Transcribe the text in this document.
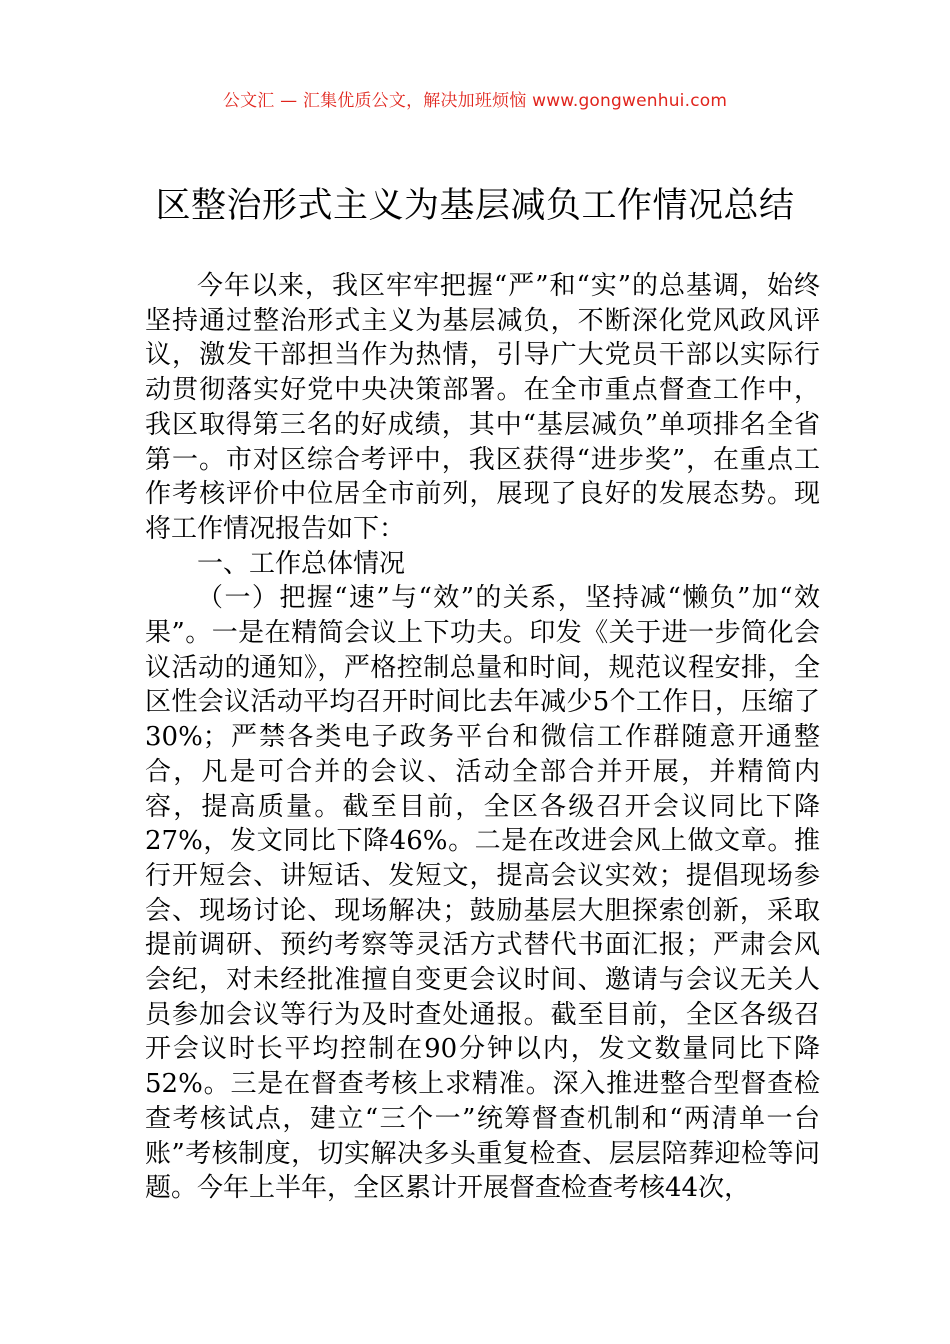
公文汇 — 汇集优质公文，解决加班烦恼 www.gongwenhui.com
区整治形式主义为基层减负工作情况总结

今年以来，我区牢牢把握“严”和“实”的总基调，始终坚持通过整治形式主义为基层减负，不断深化党风政风评议，激发干部担当作为热情，引导广大党员干部以实际行动贯彻落实好党中央决策部署。在全市重点督查工作中，我区取得第三名的好成绩，其中“基层减负”单项排名全省第一。市对区综合考评中，我区获得“进步奖”，在重点工作考核评价中位居全市前列，展现了良好的发展态势。现将工作情况报告如下：

一、工作总体情况

（一）把握“速”与“效”的关系，坚持减“懒负”加“效果”。一是在精简会议上下功夫。印发《关于进一步简化会议活动的通知》，严格控制总量和时间，规范议程安排，全区性会议活动平均召开时间比去年减少5个工作日，压缩了30%；严禁各类电子政务平台和微信工作群随意开通整合，凡是可合并的会议、活动全部合并开展，并精简内容，提高质量。截至目前，全区各级召开会议同比下降27%，发文同比下降46%。二是在改进会风上做文章。推行开短会、讲短话、发短文，提高会议实效；提倡现场参会、现场讨论、现场解决；鼓励基层大胆探索创新，采取提前调研、预约考察等灵活方式替代书面汇报；严肃会风会纪，对未经批准擅自变更会议时间、邀请与会议无关人员参加会议等行为及时查处通报。截至目前，全区各级召开会议时长平均控制在90分钟以内，发文数量同比下降52%。三是在督查考核上求精准。深入推进整合型督查检查考核试点，建立“三个一”统筹督查机制和“两清单一台账”考核制度，切实解决多头重复检查、层层陪葬迎检等问题。今年上半年，全区累计开展督查检查考核44次，
